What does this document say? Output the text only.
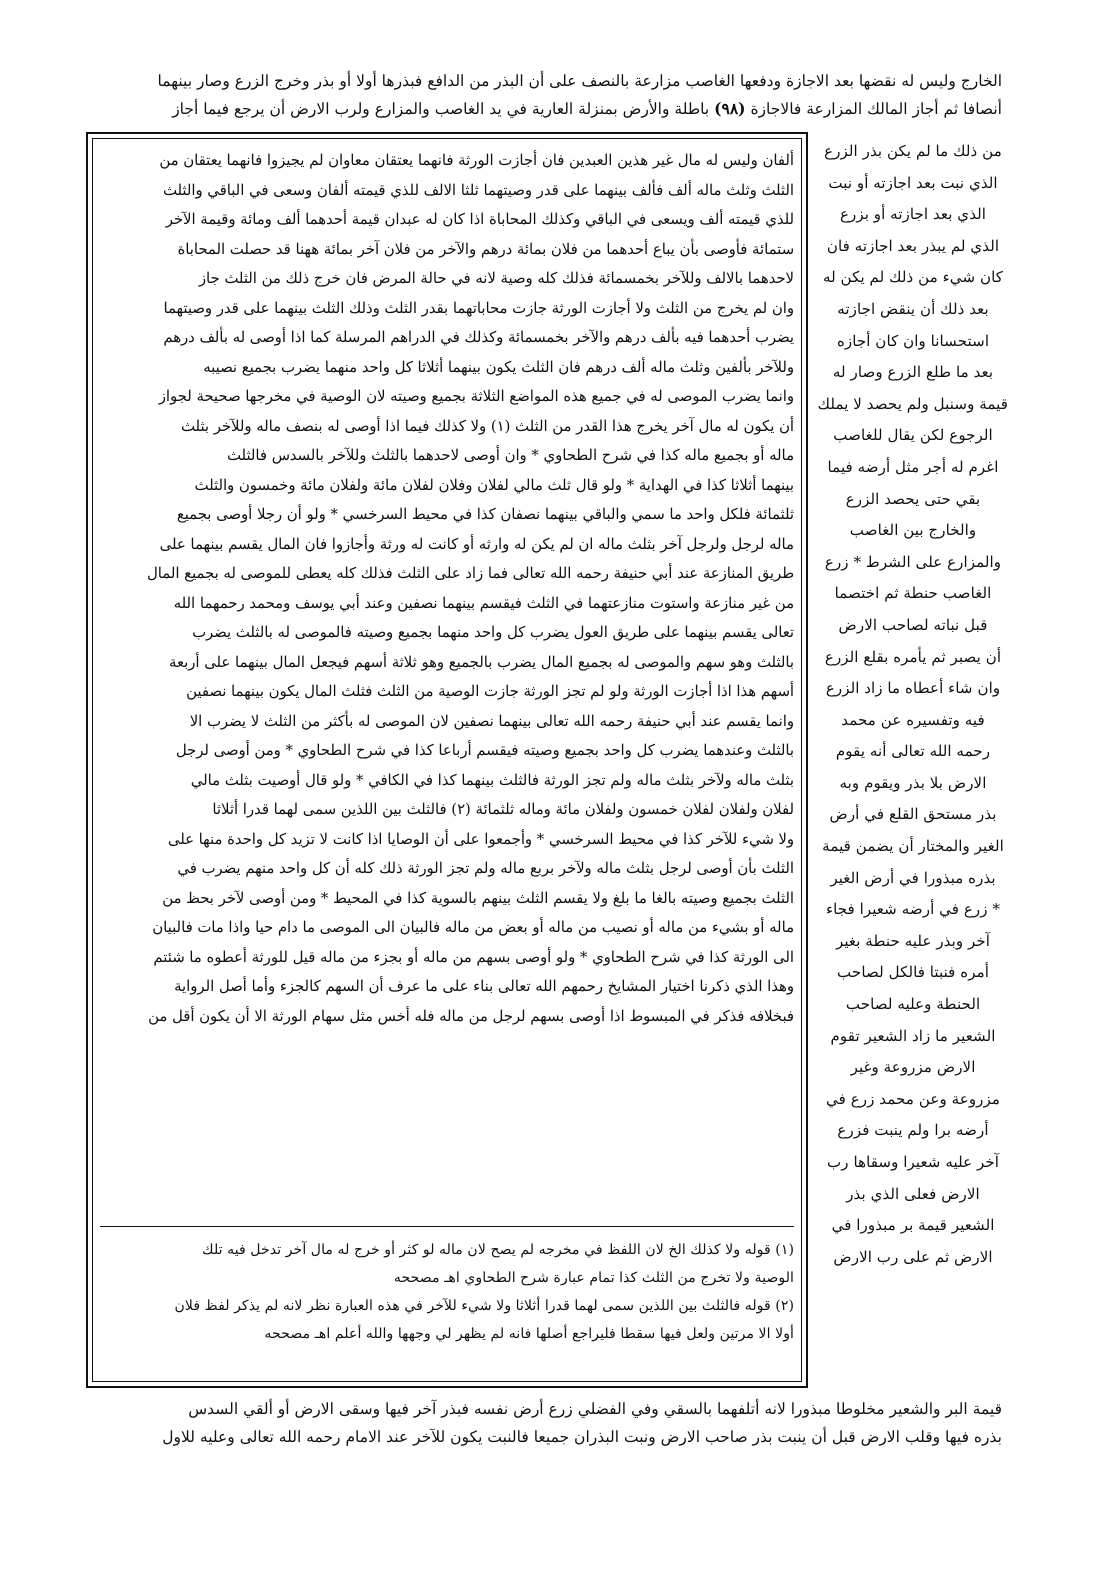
الخارج وليس له نقضها بعد الاجازة ودفعها الغاصب مزارعة بالنصف على أن البذر من الدافع فبذرها أولا أو بذر وخرج الزرع وصار بينهما
أنصافا ثم أجاز المالك المزارعة فالاجازة (٩٨) باطلة والأرض بمنزلة العارية في يد الغاصب والمزارع ولرب الارض أن يرجع فيما أجاز
ألفان وليس له مال غير هذين العبدين فان أجازت الورثة فانهما يعتقان معاوان لم يجيزوا فانهما يعتقان من
الثلث وثلث ماله ألف فألف بينهما على قدر وصيتهما ثلثا الالف للذي قيمته ألفان وسعى في الباقي والثلث
للذي قيمته ألف ويسعى في الباقي وكذلك المحاباة اذا كان له عبدان قيمة أحدهما ألف ومائة وقيمة الآخر
ستمائة فأوصى بأن يباع أحدهما من فلان بمائة درهم والآخر من فلان آخر بمائة ههنا قد حصلت المحاباة
لاحدهما بالالف وللآخر بخمسمائة فذلك كله وصية لانه في حالة المرض فان خرج ذلك من الثلث جاز
وان لم يخرج من الثلث ولا أجازت الورثة جازت محاباتهما بقدر الثلث وذلك الثلث بينهما على قدر وصيتهما
يضرب أحدهما فيه بألف درهم والآخر بخمسمائة وكذلك في الدراهم المرسلة كما اذا أوصى له بألف درهم
وللآخر بألفين وثلث ماله ألف درهم فان الثلث يكون بينهما أثلاثا كل واحد منهما يضرب بجميع نصيبه
وانما يضرب الموصى له في جميع هذه المواضع الثلاثة بجميع وصيته لان الوصية في مخرجها صحيحة لجواز
أن يكون له مال آخر يخرج هذا القدر من الثلث (١) ولا كذلك فيما اذا أوصى له بنصف ماله وللآخر بثلث
ماله أو بجميع ماله كذا في شرح الطحاوي * وان أوصى لاحدهما بالثلث وللآخر بالسدس فالثلث
بينهما أثلاثا كذا في الهداية * ولو قال ثلث مالي لفلان وفلان لفلان مائة ولفلان مائة وخمسون والثلث
ثلثمائة فلكل واحد ما سمي والباقي بينهما نصفان كذا في محيط السرخسي * ولو أن رجلا أوصى بجميع
ماله لرجل ولرجل آخر بثلث ماله ان لم يكن له وارثه أو كانت له ورثة وأجازوا فان المال يقسم بينهما على
طريق المنازعة عند أبي حنيفة رحمه الله تعالى فما زاد على الثلث فذلك كله يعطى للموصى له بجميع المال
من غير منازعة واستوت منازعتهما في الثلث فيقسم بينهما نصفين وعند أبي يوسف ومحمد رحمهما الله
تعالى يقسم بينهما على طريق العول يضرب كل واحد منهما بجميع وصيته فالموصى له بالثلث يضرب
بالثلث وهو سهم والموصى له بجميع المال يضرب بالجميع وهو ثلاثة أسهم فيجعل المال بينهما على أربعة
أسهم هذا اذا أجازت الورثة ولو لم تجز الورثة جازت الوصية من الثلث فثلث المال يكون بينهما نصفين
وانما يقسم عند أبي حنيفة رحمه الله تعالى بينهما نصفين لان الموصى له بأكثر من الثلث لا يضرب الا
بالثلث وعندهما يضرب كل واحد بجميع وصيته فيقسم أرباعا كذا في شرح الطحاوي * ومن أوصى لرجل
بثلث ماله ولآخر بثلث ماله ولم تجز الورثة فالثلث بينهما كذا في الكافي * ولو قال أوصيت بثلث مالي
لفلان ولفلان لفلان خمسون ولفلان مائة وماله ثلثمائة (٢) فالثلث بين اللذين سمى لهما قدرا أثلاثا
ولا شيء للآخر كذا في محيط السرخسي * وأجمعوا على أن الوصايا اذا كانت لا تزيد كل واحدة منها على
الثلث بأن أوصى لرجل بثلث ماله ولآخر بربع ماله ولم تجز الورثة ذلك كله أن كل واحد منهم يضرب في
الثلث بجميع وصيته بالغا ما بلغ ولا يقسم الثلث بينهم بالسوية كذا في المحيط * ومن أوصى لآخر بحظ من
ماله أو بشيء من ماله أو نصيب من ماله أو بعض من ماله فالبيان الى الموصى ما دام حيا واذا مات فالبيان
الى الورثة كذا في شرح الطحاوي * ولو أوصى بسهم من ماله أو بجزء من ماله قيل للورثة أعطوه ما شئتم
وهذا الذي ذكرنا اختيار المشايخ رحمهم الله تعالى بناء على ما عرف أن السهم كالجزء وأما أصل الرواية
فبخلافه فذكر في المبسوط اذا أوصى بسهم لرجل من ماله فله أخس مثل سهام الورثة الا أن يكون أقل من
(١) قوله ولا كذلك الخ لان اللفظ في مخرجه لم يصح لان ماله لو كثر أو خرج له مال آخر تدخل فيه تلك
الوصية ولا تخرج من الثلث كذا تمام عبارة شرح الطحاوي اهـ مصححه
(٢) قوله فالثلث بين اللذين سمى لهما قدرا أثلاثا ولا شيء للآخر في هذه العبارة نظر لانه لم يذكر لفظ فلان
أولا الا مرتين ولعل فيها سقطا فليراجع أصلها فانه لم يظهر لي وجهها والله أعلم اهـ مصححه
من ذلك ما لم يكن بذر الزرع
الذي نبت بعد اجازته أو نبت
الذي بعد اجازته أو بزرع
الذي لم يبذر بعد اجازته فان
كان شيء من ذلك لم يكن له
بعد ذلك أن ينقض اجازته
استحسانا وان كان أجازه
بعد ما طلع الزرع وصار له
قيمة وسنبل ولم يحصد لا يملك
الرجوع لكن يقال للغاصب
اغرم له أجر مثل أرضه فيما
بقي حتى يحصد الزرع
والخارج بين الغاصب
والمزارع على الشرط * زرع
الغاصب حنطة ثم اختصما
قبل نباته لصاحب الارض
أن يصبر ثم يأمره بقلع الزرع
وان شاء أعطاه ما زاد الزرع
فيه وتفسيره عن محمد
رحمه الله تعالى أنه يقوم
الارض بلا بذر ويقوم وبه
بذر مستحق القلع في أرض
الغير والمختار أن يضمن قيمة
بذره مبذورا في أرض الغير
* زرع في أرضه شعيرا فجاء
آخر وبذر عليه حنطة بغير
أمره فنبتا فالكل لصاحب
الحنطة وعليه لصاحب
الشعير ما زاد الشعير تقوم
الارض مزروعة وغير
مزروعة وعن محمد زرع في
أرضه برا ولم ينبت فزرع
آخر عليه شعيرا وسقاها رب
الارض فعلى الذي بذر
الشعير قيمة بر مبذورا في
الارض ثم على رب الارض
قيمة البر والشعير مخلوطا مبذورا لانه أتلفهما بالسقي وفي الفضلي زرع أرض نفسه فبذر آخر فيها وسقى الارض أو ألقي السدس
بذره فيها وقلب الارض قبل أن ينبت بذر صاحب الارض ونبت البذران جميعا فالنبت يكون للآخر عند الامام رحمه الله تعالى وعليه للاول
